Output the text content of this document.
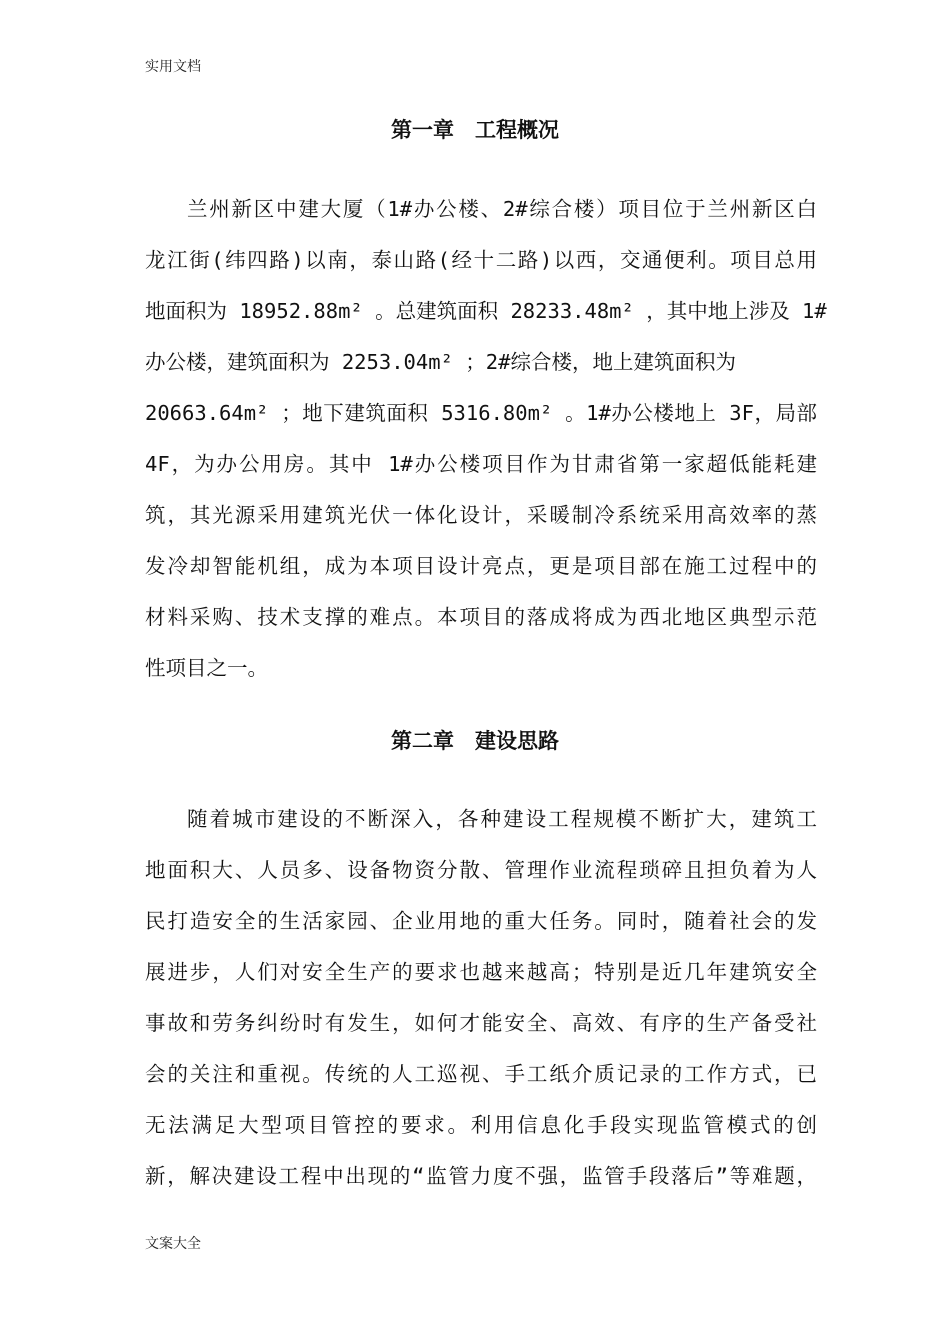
实用文档
第一章　工程概况
兰州新区中建大厦（1#办公楼、2#综合楼）项目位于兰州新区白
龙江街(纬四路)以南，泰山路(经十二路)以西，交通便利。项目总用
地面积为 18952.88m² 。总建筑面积 28233.48m² ，其中地上涉及 1#
办公楼，建筑面积为 2253.04m² ；2#综合楼，地上建筑面积为
20663.64m² ；地下建筑面积 5316.80m² 。1#办公楼地上 3F，局部
4F，为办公用房。其中 1#办公楼项目作为甘肃省第一家超低能耗建
筑，其光源采用建筑光伏一体化设计，采暖制冷系统采用高效率的蒸
发冷却智能机组，成为本项目设计亮点，更是项目部在施工过程中的
材料采购、技术支撑的难点。本项目的落成将成为西北地区典型示范
性项目之一。
第二章　建设思路
随着城市建设的不断深入，各种建设工程规模不断扩大，建筑工
地面积大、人员多、设备物资分散、管理作业流程琐碎且担负着为人
民打造安全的生活家园、企业用地的重大任务。同时，随着社会的发
展进步，人们对安全生产的要求也越来越高；特别是近几年建筑安全
事故和劳务纠纷时有发生，如何才能安全、高效、有序的生产备受社
会的关注和重视。传统的人工巡视、手工纸介质记录的工作方式，已
无法满足大型项目管控的要求。利用信息化手段实现监管模式的创
新，解决建设工程中出现的“监管力度不强，监管手段落后”等难题，
文案大全
